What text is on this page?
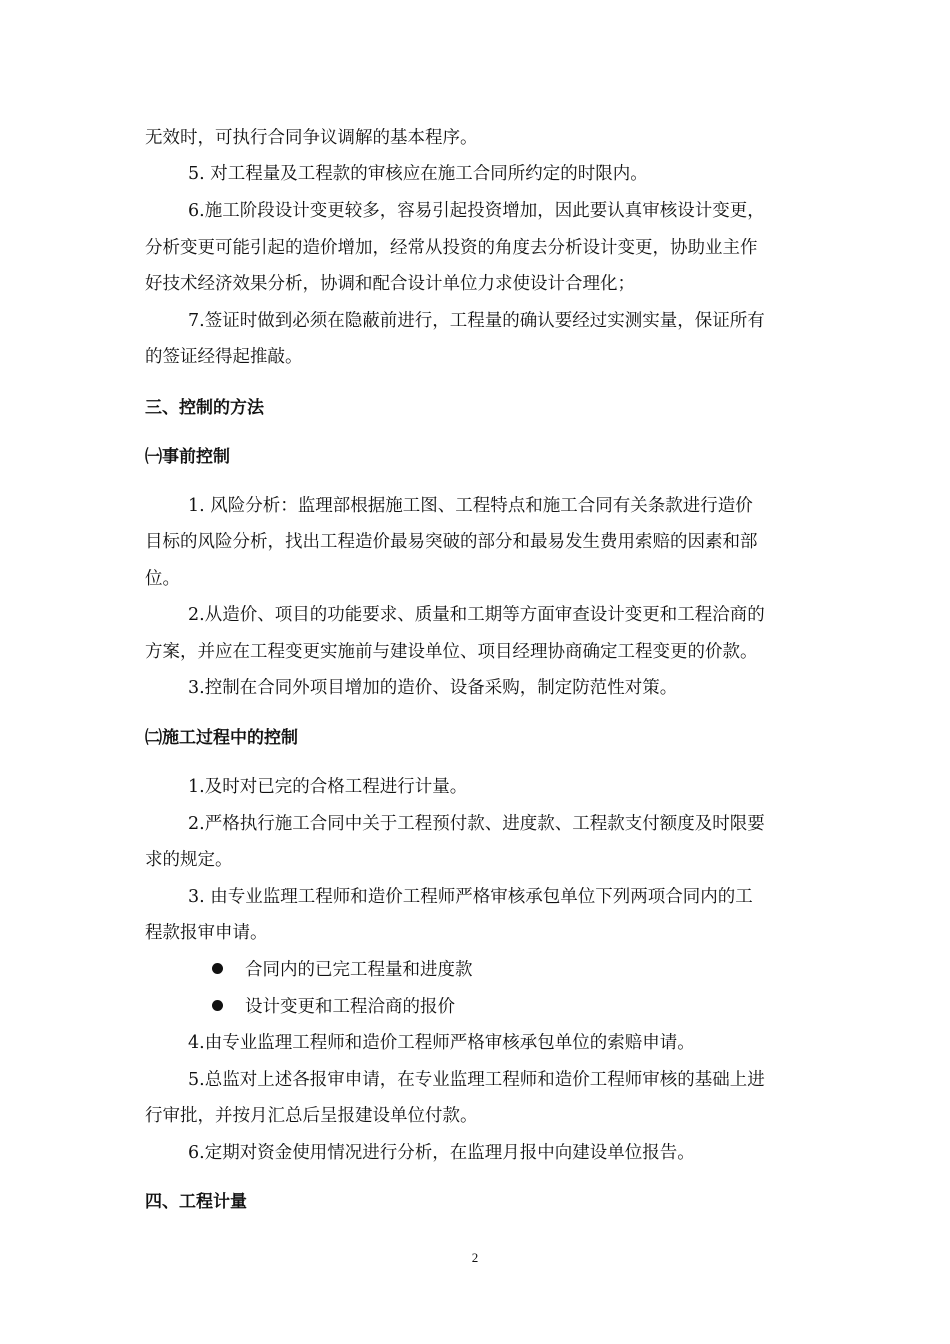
无效时，可执行合同争议调解的基本程序。
5. 对工程量及工程款的审核应在施工合同所约定的时限内。
6.施工阶段设计变更较多，容易引起投资增加，因此要认真审核设计变更，
分析变更可能引起的造价增加，经常从投资的角度去分析设计变更，协助业主作
好技术经济效果分析，协调和配合设计单位力求使设计合理化；
7.签证时做到必须在隐蔽前进行，工程量的确认要经过实测实量，保证所有
的签证经得起推敲。
三、控制的方法
㈠事前控制
1. 风险分析：监理部根据施工图、工程特点和施工合同有关条款进行造价
目标的风险分析，找出工程造价最易突破的部分和最易发生费用索赔的因素和部
位。
2.从造价、项目的功能要求、质量和工期等方面审查设计变更和工程洽商的
方案，并应在工程变更实施前与建设单位、项目经理协商确定工程变更的价款。
3.控制在合同外项目增加的造价、设备采购，制定防范性对策。
㈡施工过程中的控制
1.及时对已完的合格工程进行计量。
2.严格执行施工合同中关于工程预付款、进度款、工程款支付额度及时限要
求的规定。
3. 由专业监理工程师和造价工程师严格审核承包单位下列两项合同内的工
程款报审申请。
合同内的已完工程量和进度款
设计变更和工程洽商的报价
4.由专业监理工程师和造价工程师严格审核承包单位的索赔申请。
5.总监对上述各报审申请，在专业监理工程师和造价工程师审核的基础上进
行审批，并按月汇总后呈报建设单位付款。
6.定期对资金使用情况进行分析，在监理月报中向建设单位报告。
四、工程计量
2
